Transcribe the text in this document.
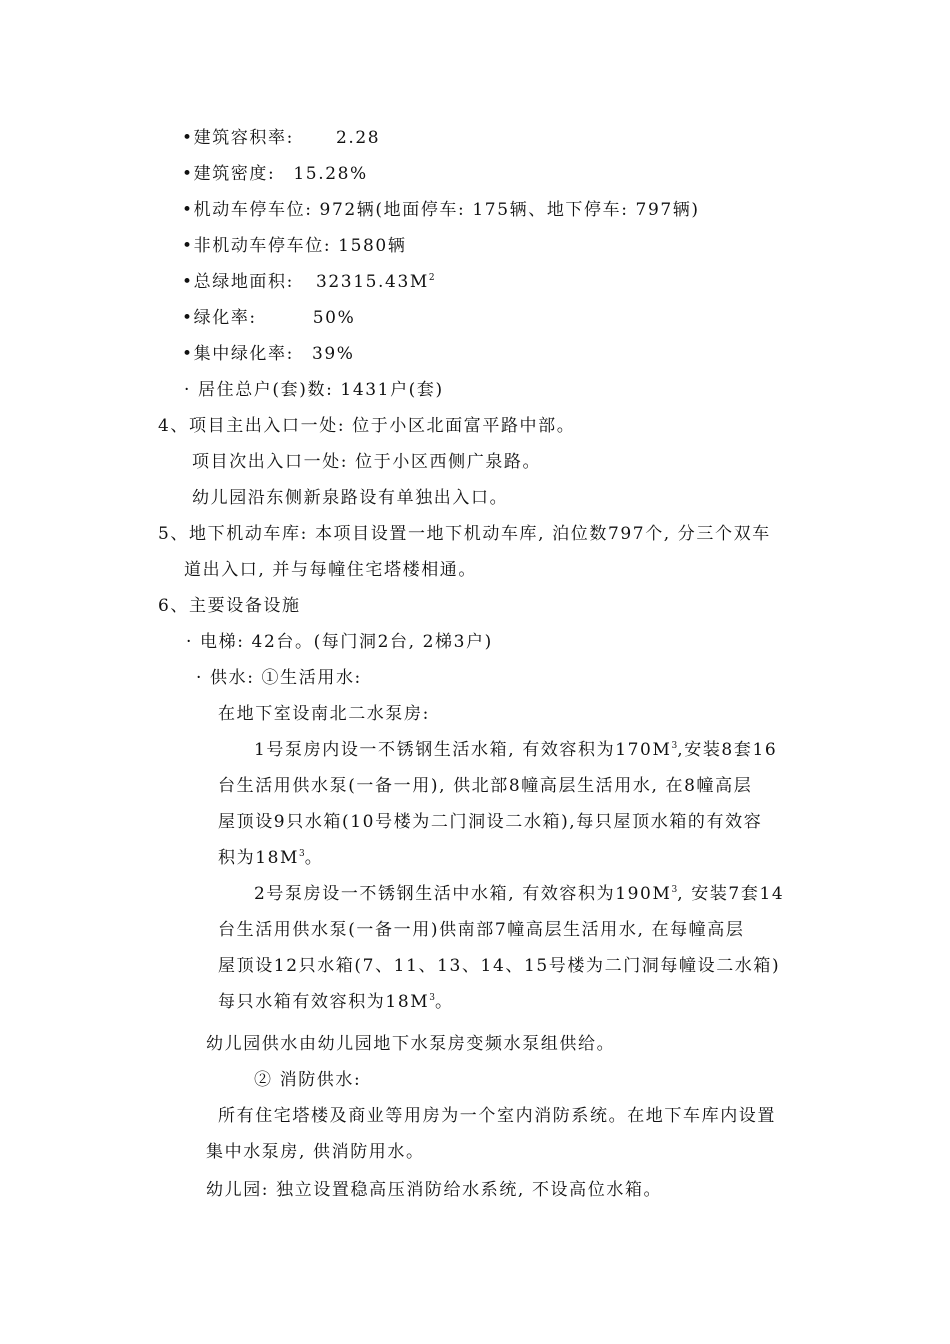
•建筑容积率: 2.28
•建筑密度: 15.28%
•机动车停车位: 972辆(地面停车: 175辆、地下停车: 797辆)
•非机动车停车位: 1580辆
•总绿地面积: $32315.43M^2$
•绿化率:	50%
•集中绿化率: 39%
· 居住总户(套)数: 1431户(套)
4、项目主出入口一处: 位于小区北面富平路中部。
项目次出入口一处: 位于小区西侧广泉路。
幼儿园沿东侧新泉路设有单独出入口。
5、地下机动车库: 本项目设置一地下机动车库, 泊位数797个, 分三个双车
道出入口, 并与每幢住宅塔楼相通。
6、主要设备设施
· 电梯: 42台。(每门洞2台, 2梯3户)
· 供水: ①生活用水:
在地下室设南北二水泵房:
1号泵房内设一不锈钢生活水箱, 有效容积为$170M^3$,安装8套16
台生活用供水泵(一备一用), 供北部8幢高层生活用水, 在8幢高层
屋顶设9只水箱(10号楼为二门洞设二水箱),每只屋顶水箱的有效容
积为$18M^3$。
2号泵房设一不锈钢生活中水箱, 有效容积为$190M^3$, 安装7套14
台生活用供水泵(一备一用)供南部7幢高层生活用水, 在每幢高层
屋顶设12只水箱(7、11、13、14、15号楼为二门洞每幢设二水箱)
每只水箱有效容积为$18M^3$。
幼儿园供水由幼儿园地下水泵房变频水泵组供给。
② 消防供水:
所有住宅塔楼及商业等用房为一个室内消防系统。在地下车库内设置
集中水泵房, 供消防用水。
幼儿园: 独立设置稳高压消防给水系统, 不设高位水箱。
